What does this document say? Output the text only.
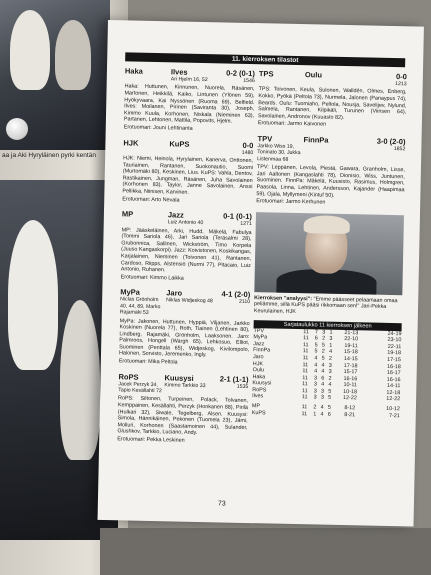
aa ja Aki Hyryläinen pyrki kentän
11. kierroksen tilastot
Haka	Ilves	0-2 (0-1)
Ari Hjelm 16, 52	1546
Haka: Huttunen, Kinnunen, Nuorela, Räsänen, Martonen, Heikkilä, Kaiko, Lintunen (Ylönen 59), Hyökyvaara, Kai Nyssönen (Ruoma 69), Belfield. Ilves: Moilanen, Pirinen (Saviranta 30), Joseph, Kimmo Kuula, Korhonen, Niskala (Nieminen 63), Partanen, Lehtonen, Mattila, Popovits, Hjelm.
Erotuomari: Jouni Lehtinanta
HJK	KuPS	0-0
1480
HJK: Niemi, Heinola, Hyrylainen, Kanerva, Onttonen, Tauriainen, Rantanen, Suokonautio, Suomi (Murtomäki 80), Keskinen, Lius. KuPS: Vahla, Dentov, Rastikainen, Jungman, Räsänen, Juha Savolainen (Korhonen 83), Taylor, Janne Savolainen, Anssi Pellikka, Niinisen, Karvinen.
Erotuomari: Arto Nevala
MP	Jazz	0-1 (0-1)
Luiz Antonio 40	1271
MP: Jääskeläinen, Arki, Hudd, Mäkelä, Fabulya (Tommi Sariola 46), Jari Sariola (Teräsalmi 28), Grubonnica, Sallinen, Wickström, Timo Korpela (Juuso Kangaskorpi). Jazz: Koivistonen, Koskikangas, Karjalainen, Nieminen (Toivonen 41), Rantanen, Cardoso, Riipps, Alstensiö (Nurmi 77), Pitacaio, Luiz Antonio, Ruhanen.
Erotuomari: Kimmo Laikka
MyPa	Jaro	4-1 (2-0)
Niclas Grönholm 40, 44, 89, Marko Rajamäki 53
Niklas Widjeskog 48	2110
MyPa: Jakonen, Huttunen, Hyppiä, Viljanen, Jarkko Koskinen (Nuorela 77), Roth, Tiainen (Lehtinen 80), Lindberg, Rajamäki, Grönholm, Laaksonen. Jaro: Palmroos, Hongell (Wargh 65), Lehkosuo, Elliot, Suominen (Penttala 65), Widjeskog, Kivilompolo, Halonen, Sorvisto, Jeremenko, Ingly.
Erotuomari: Mika Peltola
RoPS	Kuusysi	2-1 (1-1)
Jacek Perzyk 34, Tapio Kesällahti 72
Kimmo Tarkkio 33	1535
RoPS: Siltonen, Turpeinen, Polack, Tolvanen, Kemppainen, Kesällahti, Perzyk (Honkanen 88), Pirilä (Hulkari 32), Siwale, Tegelberg, Alsen. Kuusysi: Simola, Hännikäinen, Pekonen (Tuomela 23), Jämi, Molluri, Korhonen (Saastamoinen 44), Sulander, Glushkov, Tarkkio, Luciano, Andy.
Erotuomari: Pekka Leskinen
TPS	Oulu	0-0
1213
TPS: Toivonen, Keula, Sulonen, Walldén, Olmes, Enberg, Kokko, Pyökä (Peltola 73), Nurmela, Jalonen (Panaypus 74), Beards. Oulu: Tuomiaho, Peltola, Nousja, Savelijev, Nylund, Salmela, Rantanen, Kilpikäli, Turunen (Viinsen 64), Savolainen, Andronov (Kuuasto 82).
Erotuomari: Jarmo Kaivonen
TPV	FinnPa	3-0 (2-0)
Jarkko Wiss 19, Toninato 30, Jukka Listenmaa 68
1852
TPV: Leppänen, Levola, Piestä, Gawara, Granholm, Lisse, Jari Aaltonen (Kangaslahti 78), Dionisio, Wiss, Juntunen, Suominen. FinnPa: Mäkelä, Kuusisto, Rasimus, Holmgren, Paasola, Linna, Lehtinen, Andersson, Kajander (Haapimaa 59), Ojala, Myllymeni (Kintuf 50).
Erotuomari: Jarmo Kerhunen
Kierroksen "analyysi": "Emme päässeet pelaamaan omaa peliämme, sillä KuPS pääsi rikkomaan sen!" Jari-Pekka Keurulainen, HJK
Sarjataulukko 11 kierroksen jälkeen
TPV	11	7	3	1	21-13	24-19
MyPa	11	6	2	3	22-10	23-10
Jazz	11	5	5	1	19-11	22-11
FinnPa	11	5	2	4	15-18	19-18
Jaro	11	4	5	2	14-15	17-15
HJK	11	4	4	3	17-18	16-18
Oulu	11	4	4	3	15-17	16-17
Haka	11	3	6	2	16-16	16-16
Kuusysi	11	3	4	4	10-11	14-11
RoPS	11	3	3	5	10-18	12-18
Ilves	11	3	3	5	12-22	12-22
MP	11	2	4	5	8-12	10-12
KuPS	11	1	4	6	8-21	7-21
73
